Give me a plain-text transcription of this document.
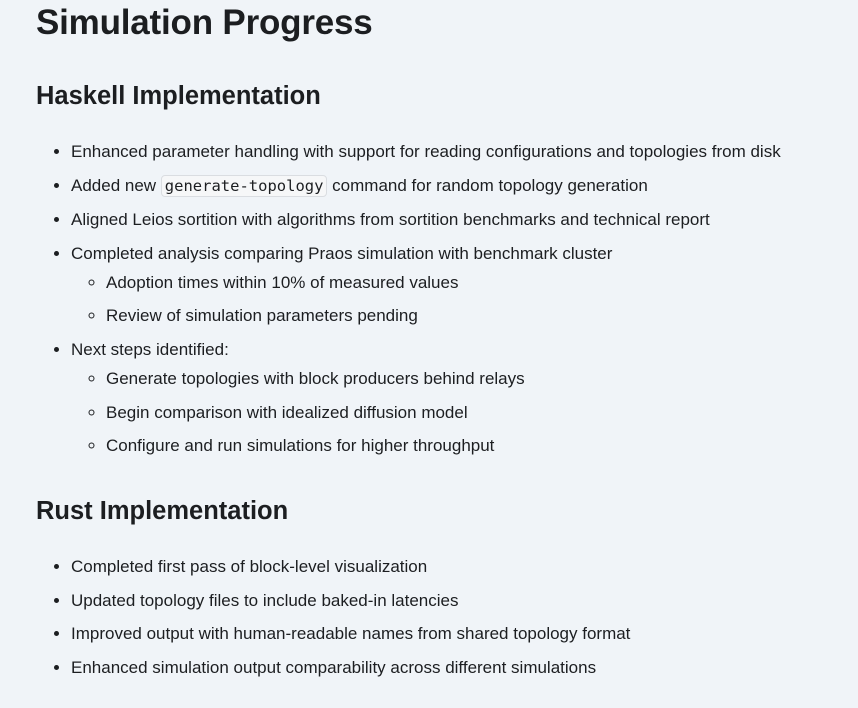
Simulation Progress
Haskell Implementation
• Enhanced parameter handling with support for reading configurations and topologies from disk
• Added new generate-topology command for random topology generation
• Aligned Leios sortition with algorithms from sortition benchmarks and technical report
• Completed analysis comparing Praos simulation with benchmark cluster
◦ Adoption times within 10% of measured values
◦ Review of simulation parameters pending
• Next steps identified:
◦ Generate topologies with block producers behind relays
◦ Begin comparison with idealized diffusion model
◦ Configure and run simulations for higher throughput
Rust Implementation
• Completed first pass of block-level visualization
• Updated topology files to include baked-in latencies
• Improved output with human-readable names from shared topology format
• Enhanced simulation output comparability across different simulations
